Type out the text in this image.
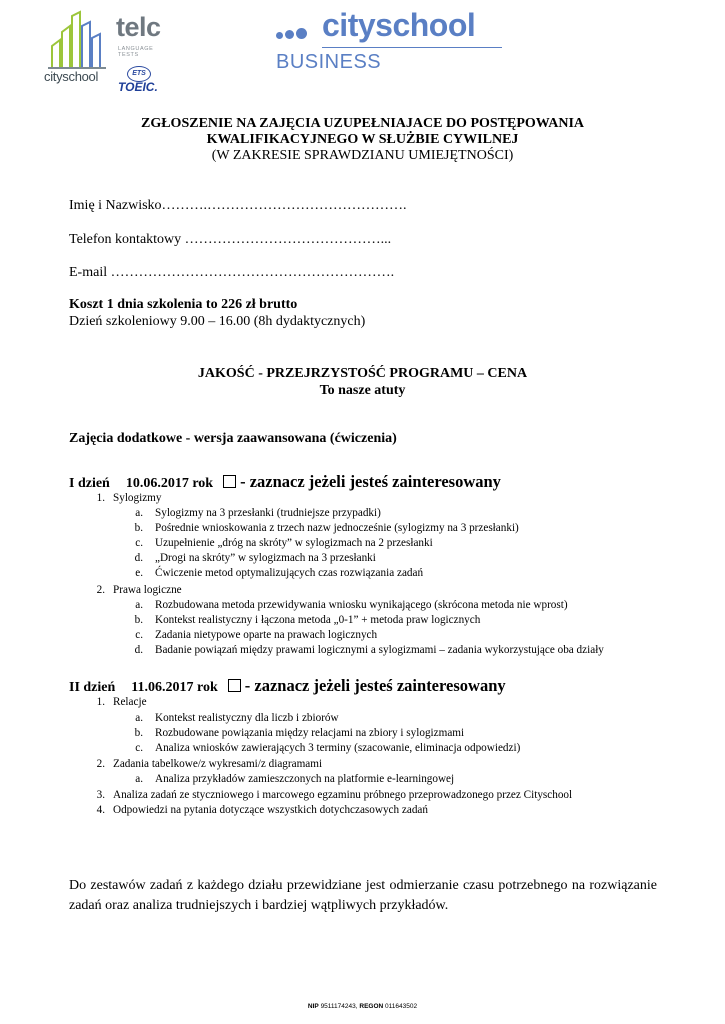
cityschool
telc
LANGUAGE TESTS
ETS
TOEIC.
cityschool
BUSINESS
ZGŁOSZENIE NA ZAJĘCIA UZUPEŁNIAJACE DO POSTĘPOWANIA
KWALIFIKACYJNEGO W SŁUŻBIE CYWILNEJ
(W ZAKRESIE SPRAWDZIANU UMIEJĘTNOŚCI)
Imię i Nazwisko……….…………………………………….
Telefon kontaktowy ……………………………………...
E-mail …………………………………………………….
Koszt 1 dnia szkolenia to 226 zł brutto
Dzień szkoleniowy 9.00 – 16.00 (8h dydaktycznych)
JAKOŚĆ - PRZEJRZYSTOŚĆ PROGRAMU – CENA
To nasze atuty
Zajęcia dodatkowe - wersja zaawansowana (ćwiczenia)
I dzień 10.06.2017 rok - zaznacz jeżeli jesteś zainteresowany
1. Sylogizmy
a. Sylogizmy na 3 przesłanki (trudniejsze przypadki)
b. Pośrednie wnioskowania z trzech nazw jednocześnie (sylogizmy na 3 przesłanki)
c. Uzupełnienie „dróg na skróty” w sylogizmach na 2 przesłanki
d. „Drogi na skróty” w sylogizmach na 3 przesłanki
e. Ćwiczenie metod optymalizujących czas rozwiązania zadań
2. Prawa logiczne
a. Rozbudowana metoda przewidywania wniosku wynikającego (skrócona metoda nie wprost)
b. Kontekst realistyczny i łączona metoda „0-1” + metoda praw logicznych
c. Zadania nietypowe oparte na prawach logicznych
d. Badanie powiązań między prawami logicznymi a sylogizmami – zadania wykorzystujące oba działy
II dzień 11.06.2017 rok - zaznacz jeżeli jesteś zainteresowany
1. Relacje
a. Kontekst realistyczny dla liczb i zbiorów
b. Rozbudowane powiązania między relacjami na zbiory i sylogizmami
c. Analiza wniosków zawierających 3 terminy (szacowanie, eliminacja odpowiedzi)
2. Zadania tabelkowe/z wykresami/z diagramami
a. Analiza przykładów zamieszczonych na platformie e-learningowej
3. Analiza zadań ze styczniowego i marcowego egzaminu próbnego przeprowadzonego przez Cityschool
4. Odpowiedzi na pytania dotyczące wszystkich dotychczasowych zadań
Do zestawów zadań z każdego działu przewidziane jest odmierzanie czasu potrzebnego na rozwiązanie zadań oraz analiza trudniejszych i bardziej wątpliwych przykładów.
NIP 9511174243, REGON 011643502
